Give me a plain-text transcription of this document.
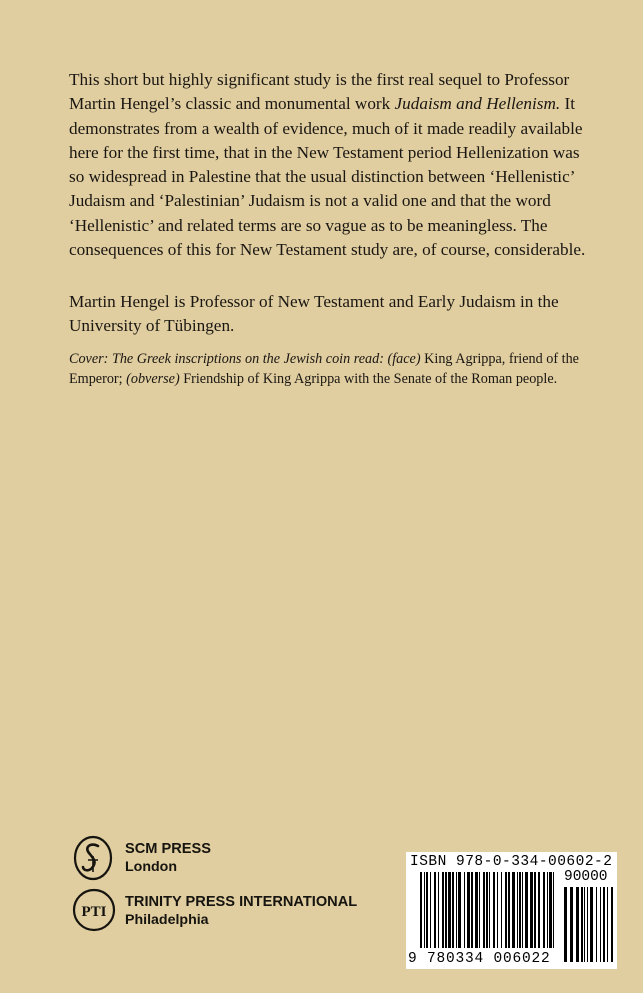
This short but highly significant study is the first real sequel to Professor Martin Hengel’s classic and monumental work Judaism and Hellenism. It demonstrates from a wealth of evidence, much of it made readily available here for the first time, that in the New Testament period Hellenization was so widespread in Palestine that the usual distinction between ‘Hellenistic’ Judaism and ‘Palestinian’ Judaism is not a valid one and that the word ‘Hellenistic’ and related terms are so vague as to be meaningless. The consequences of this for New Testament study are, of course, considerable.

Martin Hengel is Professor of New Testament and Early Judaism in the University of Tübingen.

Cover: The Greek inscriptions on the Jewish coin read: (face) King Agrippa, friend of the Emperor; (obverse) Friendship of King Agrippa with the Senate of the Roman people.

SCM PRESS
London
PTI
TRINITY PRESS INTERNATIONAL
Philadelphia
ISBN 978-0-334-00602-2
90000
9 780334 006022
